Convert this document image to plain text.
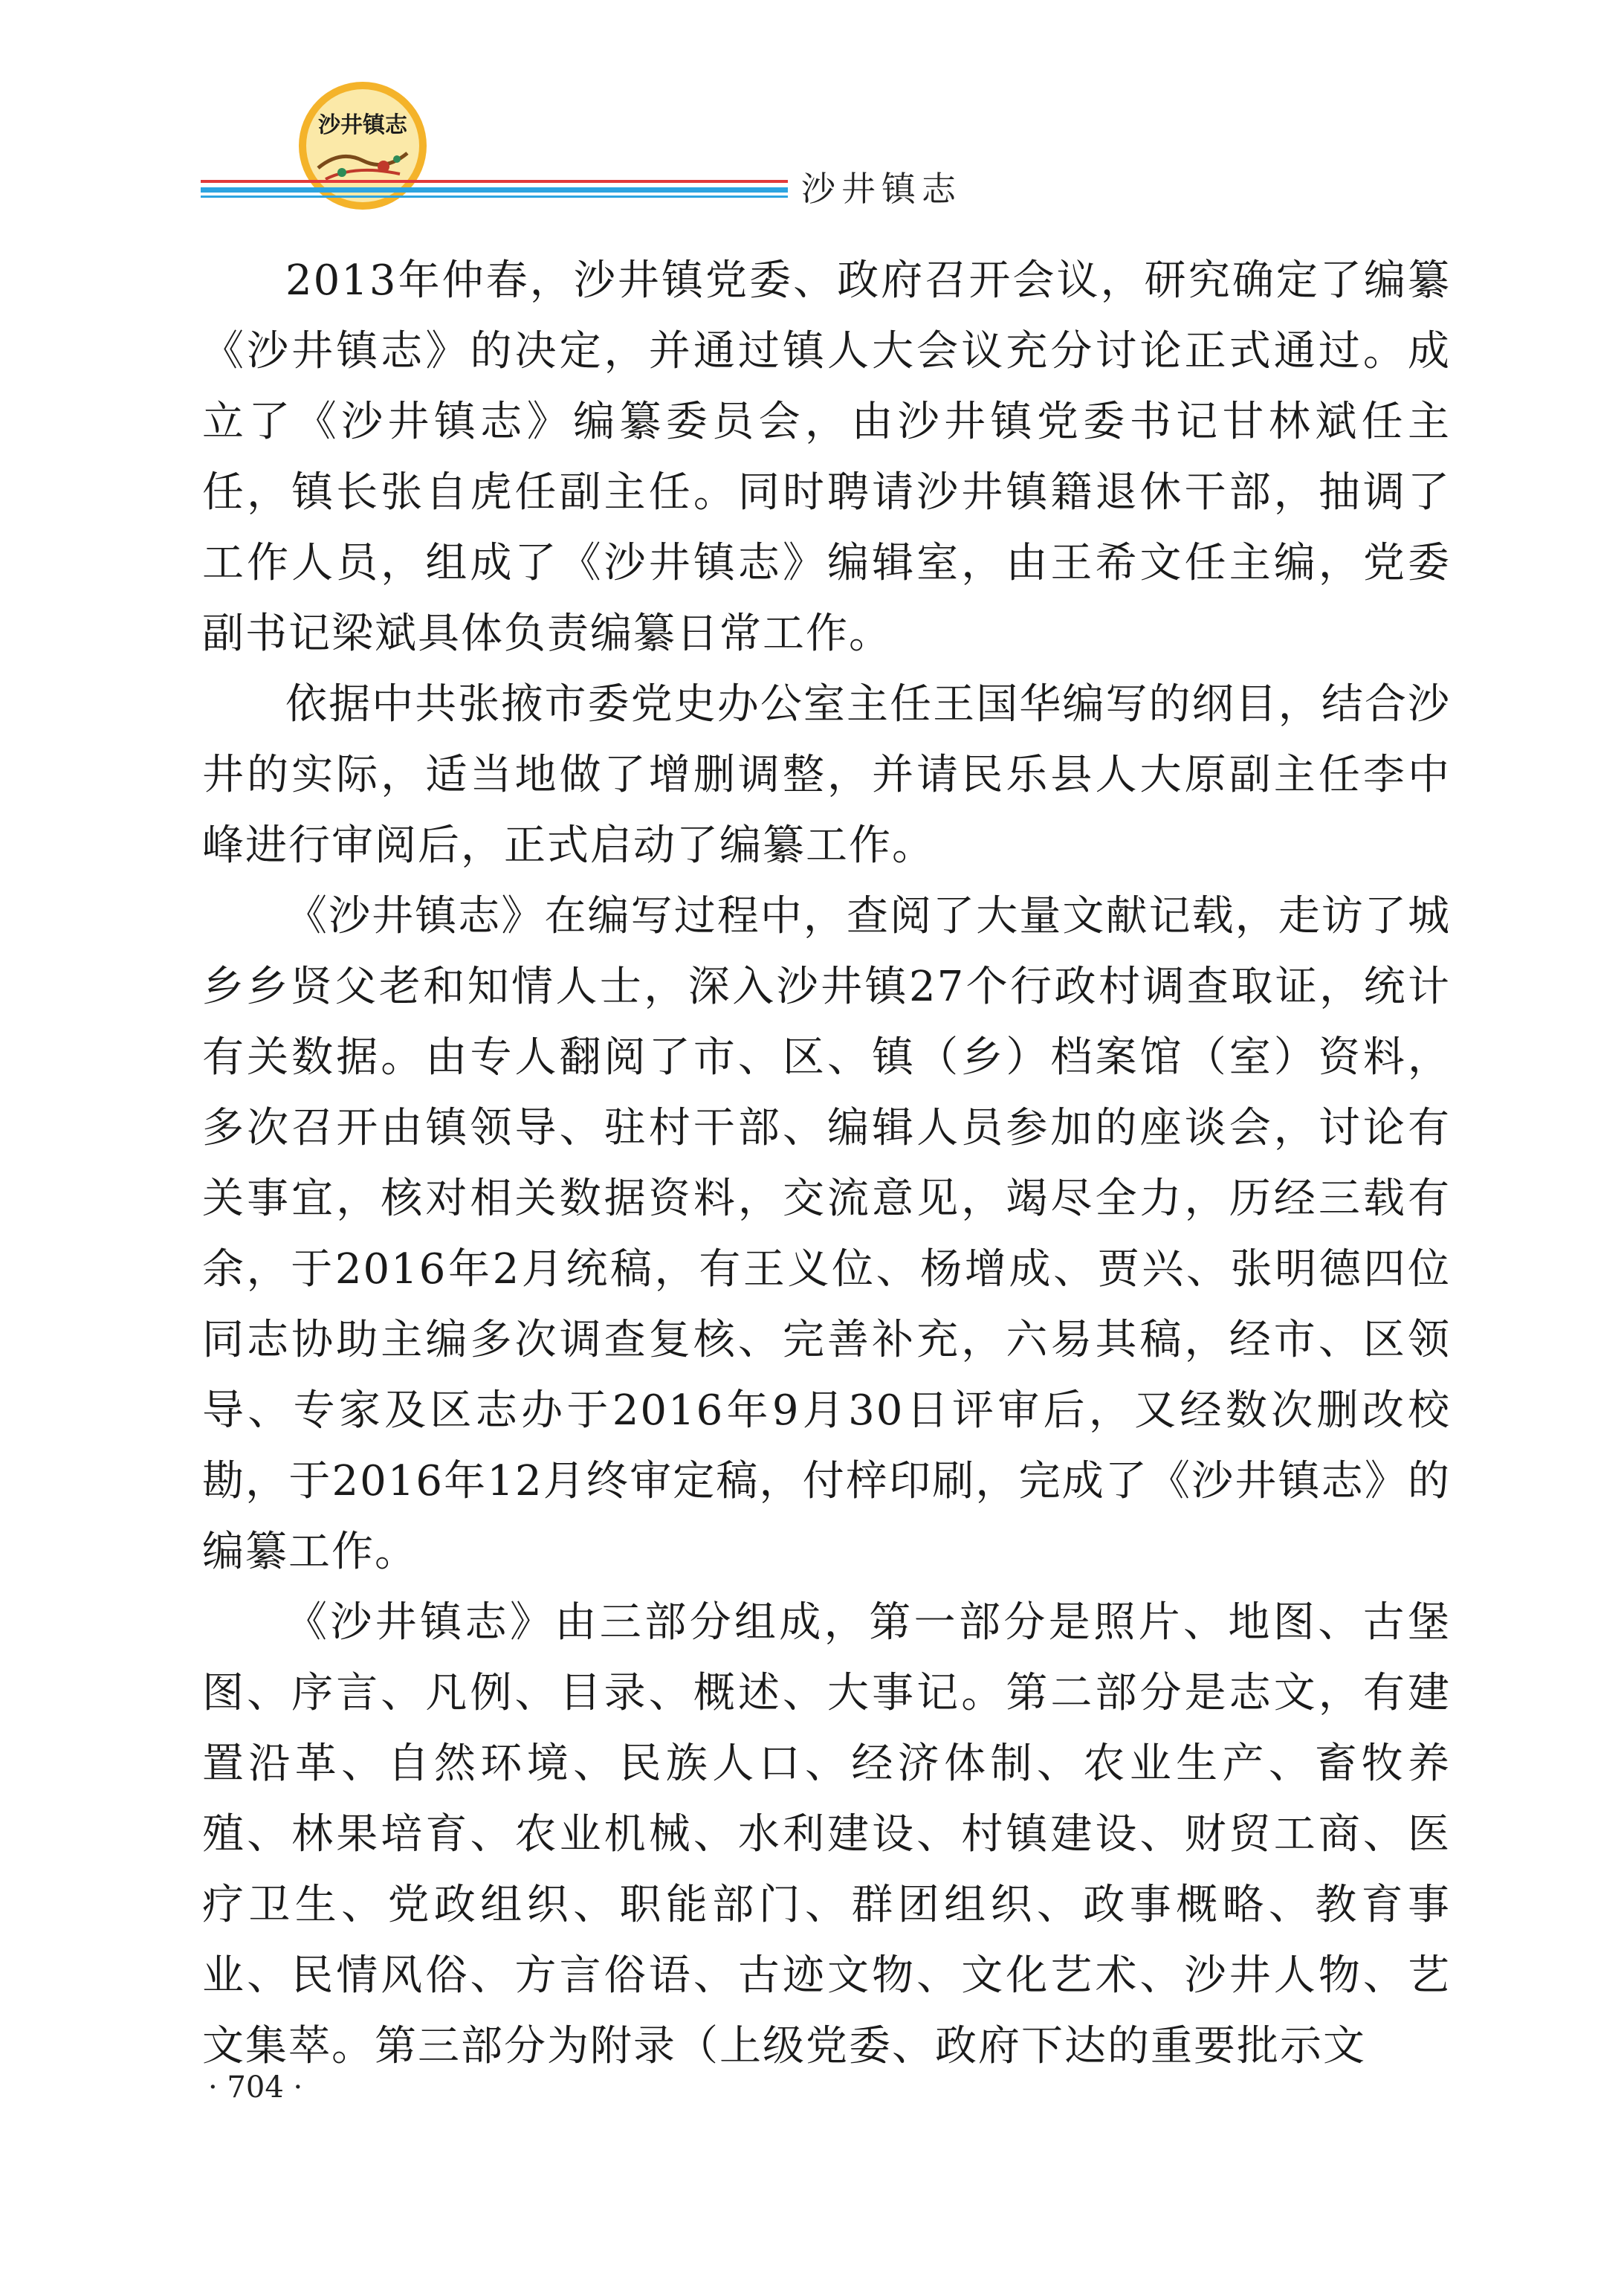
沙井镇志
沙井镇志

2013年仲春，沙井镇党委、政府召开会议，研究确定了编纂《沙井镇志》的决定，并通过镇人大会议充分讨论正式通过。成立了《沙井镇志》编纂委员会，由沙井镇党委书记甘林斌任主任，镇长张自虎任副主任。同时聘请沙井镇籍退休干部，抽调了工作人员，组成了《沙井镇志》编辑室，由王希文任主编，党委副书记梁斌具体负责编纂日常工作。

依据中共张掖市委党史办公室主任王国华编写的纲目，结合沙井的实际，适当地做了增删调整，并请民乐县人大原副主任李中峰进行审阅后，正式启动了编纂工作。

《沙井镇志》在编写过程中，查阅了大量文献记载，走访了城乡乡贤父老和知情人士，深入沙井镇27个行政村调查取证，统计有关数据。由专人翻阅了市、区、镇（乡）档案馆（室）资料，多次召开由镇领导、驻村干部、编辑人员参加的座谈会，讨论有关事宜，核对相关数据资料，交流意见，竭尽全力，历经三载有余，于2016年2月统稿，有王义位、杨增成、贾兴、张明德四位同志协助主编多次调查复核、完善补充，六易其稿，经市、区领导、专家及区志办于2016年9月30日评审后，又经数次删改校勘，于2016年12月终审定稿，付梓印刷，完成了《沙井镇志》的编纂工作。

《沙井镇志》由三部分组成，第一部分是照片、地图、古堡图、序言、凡例、目录、概述、大事记。第二部分是志文，有建置沿革、自然环境、民族人口、经济体制、农业生产、畜牧养殖、林果培育、农业机械、水利建设、村镇建设、财贸工商、医疗卫生、党政组织、职能部门、群团组织、政事概略、教育事业、民情风俗、方言俗语、古迹文物、文化艺术、沙井人物、艺文集萃。第三部分为附录（上级党委、政府下达的重要批示文

· 704 ·
